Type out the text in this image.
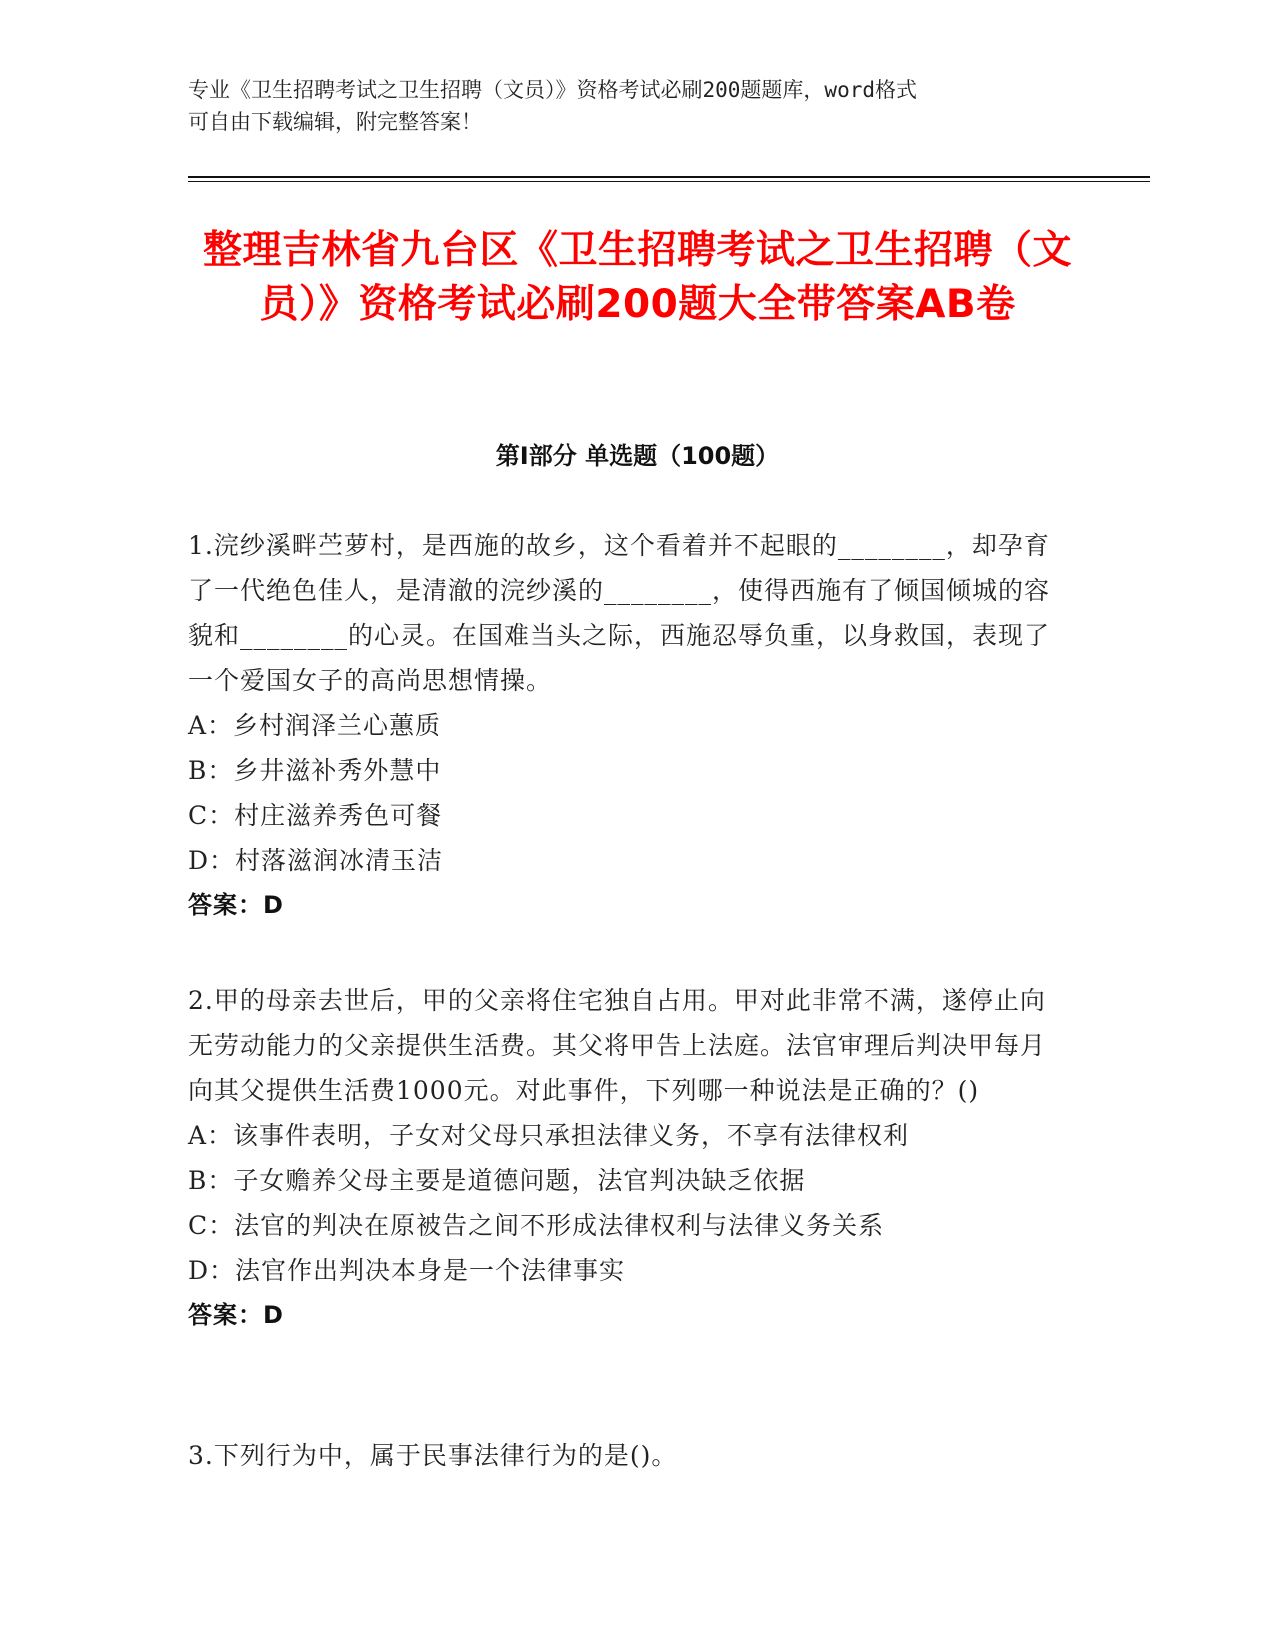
专业《卫生招聘考试之卫生招聘（文员）》资格考试必刷200题题库，word格式
可自由下载编辑，附完整答案！
整理吉林省九台区《卫生招聘考试之卫生招聘（文员）》资格考试必刷200题大全带答案AB卷
第I部分 单选题（100题）

1.浣纱溪畔苎萝村，是西施的故乡，这个看着并不起眼的________，却孕育了一代绝色佳人，是清澈的浣纱溪的________，使得西施有了倾国倾城的容貌和________的心灵。在国难当头之际，西施忍辱负重，以身救国，表现了一个爱国女子的高尚思想情操。

A：乡村润泽兰心蕙质

B：乡井滋补秀外慧中

C：村庄滋养秀色可餐

D：村落滋润冰清玉洁

答案：D

2.甲的母亲去世后，甲的父亲将住宅独自占用。甲对此非常不满，遂停止向无劳动能力的父亲提供生活费。其父将甲告上法庭。法官审理后判决甲每月向其父提供生活费1000元。对此事件，下列哪一种说法是正确的？()

A：该事件表明，子女对父母只承担法律义务，不享有法律权利

B：子女赡养父母主要是道德问题，法官判决缺乏依据

C：法官的判决在原被告之间不形成法律权利与法律义务关系

D：法官作出判决本身是一个法律事实

答案：D

3.下列行为中，属于民事法律行为的是()。
